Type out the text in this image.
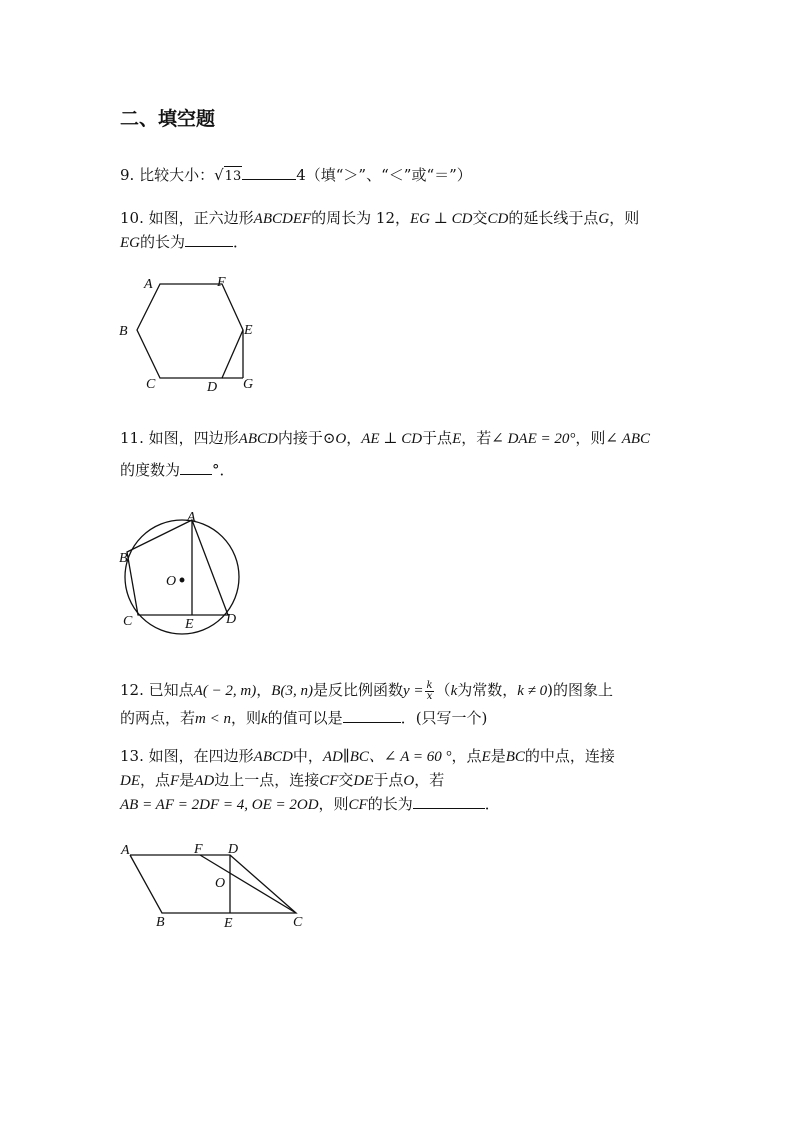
二、填空题
9. 比较大小：√13	4（填“＞”、“＜”或“＝”）
10. 如图，正六边形ABCDEF的周长为 12，EG ⊥ CD交CD的延长线于点G，则
EG的长为	．
A	F
B	E
C	D G
11. 如图，四边形ABCD内接于⊙O，AE ⊥ CD于点E，若∠ DAE = 20°，则∠ ABC
的度数为 °．
A
B
O
C	E D
12. 已知点A( − 2, m)，B(3, n)是反比例函数$y = \frac{k}{x} (k$为常数，k ≠ 0)的图象上
的两点，若m < n，则k的值可以是	．(只写一个)
13. 如图，在四边形ABCD中，AD∥BC、∠ A = 60 °，点E是BC的中点，连接
DE，点F是AD边上一点，连接CF交DE于点O，若
AB = AF = 2DF = 4, OE = 2OD，则CF的长为	．
A	F D
O
B	E	C
